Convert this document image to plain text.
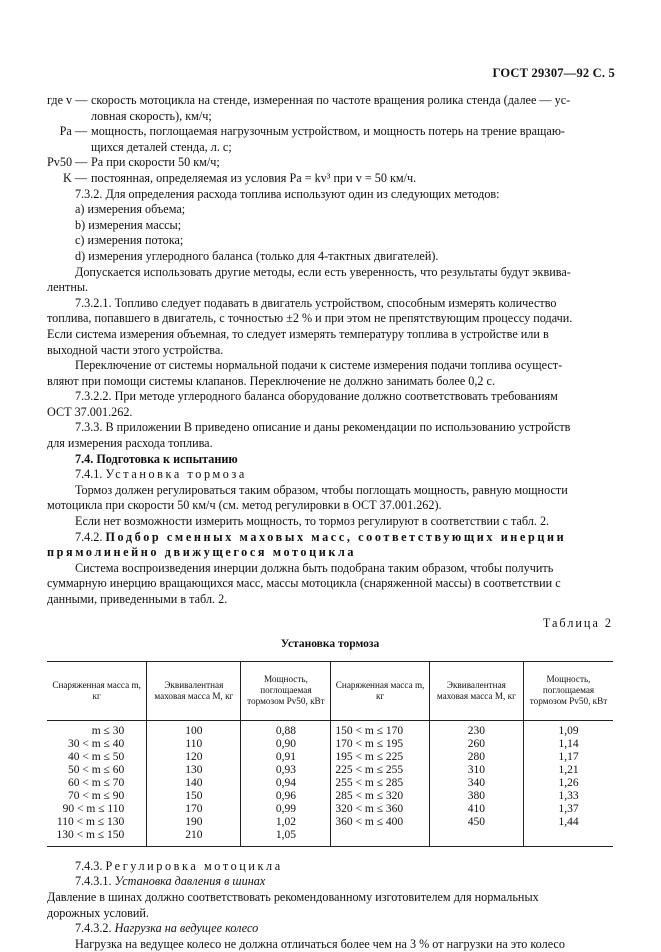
ГОСТ 29307—92 С. 5
где v — скорость мотоцикла на стенде, измеренная по частоте вращения ролика стенда (далее — ус-
ловная скорость), км/ч;
Pa — мощность, поглощаемая нагрузочным устройством, и мощность потерь на трение вращаю-
щихся деталей стенда, л. с;
Pv50 — Pa при скорости 50 км/ч;
K — постоянная, определяемая из условия Pa = kv³ при v = 50 км/ч.
7.3.2. Для определения расхода топлива используют один из следующих методов:
a) измерения объема;
b) измерения массы;
c) измерения потока;
d) измерения углеродного баланса (только для 4-тактных двигателей).
Допускается использовать другие методы, если есть уверенность, что результаты будут эквива-
лентны.
7.3.2.1. Топливо следует подавать в двигатель устройством, способным измерять количество
топлива, попавшего в двигатель, с точностью ±2 % и при этом не препятствующим процессу подачи.
Если система измерения объемная, то следует измерять температуру топлива в устройстве или в
выходной части этого устройства.
Переключение от системы нормальной подачи к системе измерения подачи топлива осущест-
вляют при помощи системы клапанов. Переключение не должно занимать более 0,2 с.
7.3.2.2. При методе углеродного баланса оборудование должно соответствовать требованиям
ОСТ 37.001.262.
7.3.3. В приложении В приведено описание и даны рекомендации по использованию устройств
для измерения расхода топлива.
7.4. Подготовка к испытанию
7.4.1. Установка тормоза
Тормоз должен регулироваться таким образом, чтобы поглощать мощность, равную мощности
мотоцикла при скорости 50 км/ч (см. метод регулировки в ОСТ 37.001.262).
Если нет возможности измерить мощность, то тормоз регулируют в соответствии с табл. 2.
7.4.2. Подбор сменных маховых масс, соответствующих инерции
прямолинейно движущегося мотоцикла
Система воспроизведения инерции должна быть подобрана таким образом, чтобы получить
суммарную инерцию вращающихся масс, массы мотоцикла (снаряженной массы) в соответствии с
данными, приведенными в табл. 2.
Таблица 2
Установка тормоза
Снаряженная масса m, кг	Эквивалентная маховая масса M, кг	Мощность, поглощаемая тормозом Pv50, кВт	Снаряженная масса m, кг	Эквивалентная маховая масса M, кг	Мощность, поглощаемая тормозом Pv50, кВт
m ≤ 30	100	0,88	150 < m ≤ 170	230	1,09
30 < m ≤ 40	110	0,90	170 < m ≤ 195	260	1,14
40 < m ≤ 50	120	0,91	195 < m ≤ 225	280	1,17
50 < m ≤ 60	130	0,93	225 < m ≤ 255	310	1,21
60 < m ≤ 70	140	0,94	255 < m ≤ 285	340	1,26
70 < m ≤ 90	150	0,96	285 < m ≤ 320	380	1,33
90 < m ≤ 110	170	0,99	320 < m ≤ 360	410	1,37
110 < m ≤ 130	190	1,02	360 < m ≤ 400	450	1,44
130 < m ≤ 150	210	1,05			
7.4.3. Регулировка мотоцикла
7.4.3.1. Установка давления в шинах
Давление в шинах должно соответствовать рекомендованному изготовителем для нормальных
дорожных условий.
7.4.3.2. Нагрузка на ведущее колесо
Нагрузка на ведущее колесо не должна отличаться более чем на 3 % от нагрузки на это колесо
